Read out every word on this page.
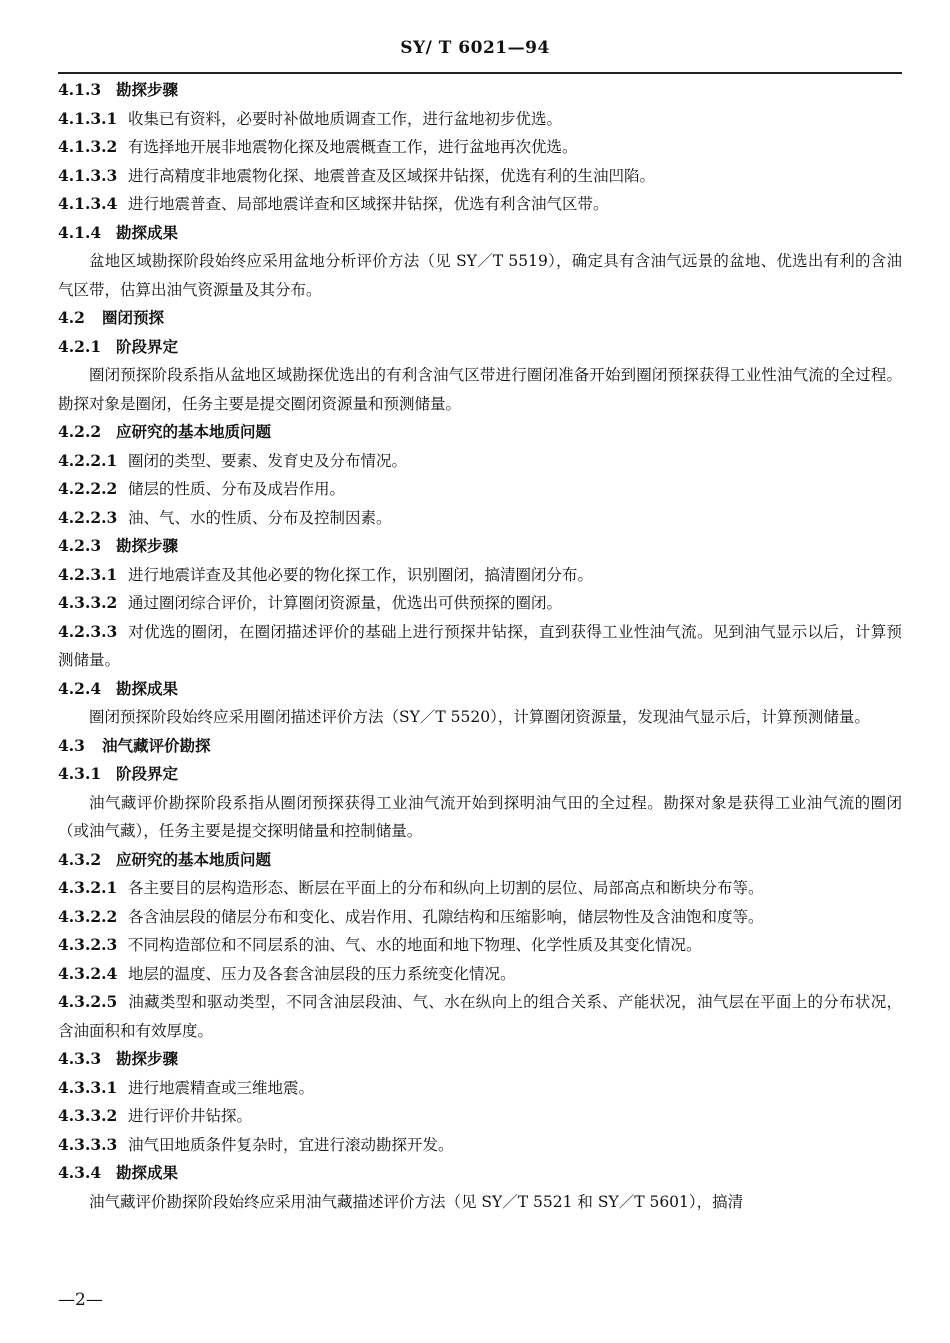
SY/ T 6021—94
4.1.3 勘探步骤
4.1.3.1 收集已有资料，必要时补做地质调查工作，进行盆地初步优选。
4.1.3.2 有选择地开展非地震物化探及地震概查工作，进行盆地再次优选。
4.1.3.3 进行高精度非地震物化探、地震普查及区域探井钻探，优选有利的生油凹陷。
4.1.3.4 进行地震普查、局部地震详查和区域探井钻探，优选有利含油气区带。
4.1.4 勘探成果
盆地区域勘探阶段始终应采用盆地分析评价方法（见 SY／T 5519），确定具有含油气远景的盆地、优选出有利的含油气区带，估算出油气资源量及其分布。
4.2 圈闭预探
4.2.1 阶段界定
圈闭预探阶段系指从盆地区域勘探优选出的有利含油气区带进行圈闭准备开始到圈闭预探获得工业性油气流的全过程。勘探对象是圈闭，任务主要是提交圈闭资源量和预测储量。
4.2.2 应研究的基本地质问题
4.2.2.1 圈闭的类型、要素、发育史及分布情况。
4.2.2.2 储层的性质、分布及成岩作用。
4.2.2.3 油、气、水的性质、分布及控制因素。
4.2.3 勘探步骤
4.2.3.1 进行地震详查及其他必要的物化探工作，识别圈闭，搞清圈闭分布。
4.3.3.2 通过圈闭综合评价，计算圈闭资源量，优选出可供预探的圈闭。
4.2.3.3 对优选的圈闭，在圈闭描述评价的基础上进行预探井钻探，直到获得工业性油气流。见到油气显示以后，计算预测储量。
4.2.4 勘探成果
圈闭预探阶段始终应采用圈闭描述评价方法（SY／T 5520），计算圈闭资源量，发现油气显示后，计算预测储量。
4.3 油气藏评价勘探
4.3.1 阶段界定
油气藏评价勘探阶段系指从圈闭预探获得工业油气流开始到探明油气田的全过程。勘探对象是获得工业油气流的圈闭（或油气藏），任务主要是提交探明储量和控制储量。
4.3.2 应研究的基本地质问题
4.3.2.1 各主要目的层构造形态、断层在平面上的分布和纵向上切割的层位、局部高点和断块分布等。
4.3.2.2 各含油层段的储层分布和变化、成岩作用、孔隙结构和压缩影响，储层物性及含油饱和度等。
4.3.2.3 不同构造部位和不同层系的油、气、水的地面和地下物理、化学性质及其变化情况。
4.3.2.4 地层的温度、压力及各套含油层段的压力系统变化情况。
4.3.2.5 油藏类型和驱动类型，不同含油层段油、气、水在纵向上的组合关系、产能状况，油气层在平面上的分布状况，含油面积和有效厚度。
4.3.3 勘探步骤
4.3.3.1 进行地震精查或三维地震。
4.3.3.2 进行评价井钻探。
4.3.3.3 油气田地质条件复杂时，宜进行滚动勘探开发。
4.3.4 勘探成果
油气藏评价勘探阶段始终应采用油气藏描述评价方法（见 SY／T 5521 和 SY／T 5601），搞清
—2—
